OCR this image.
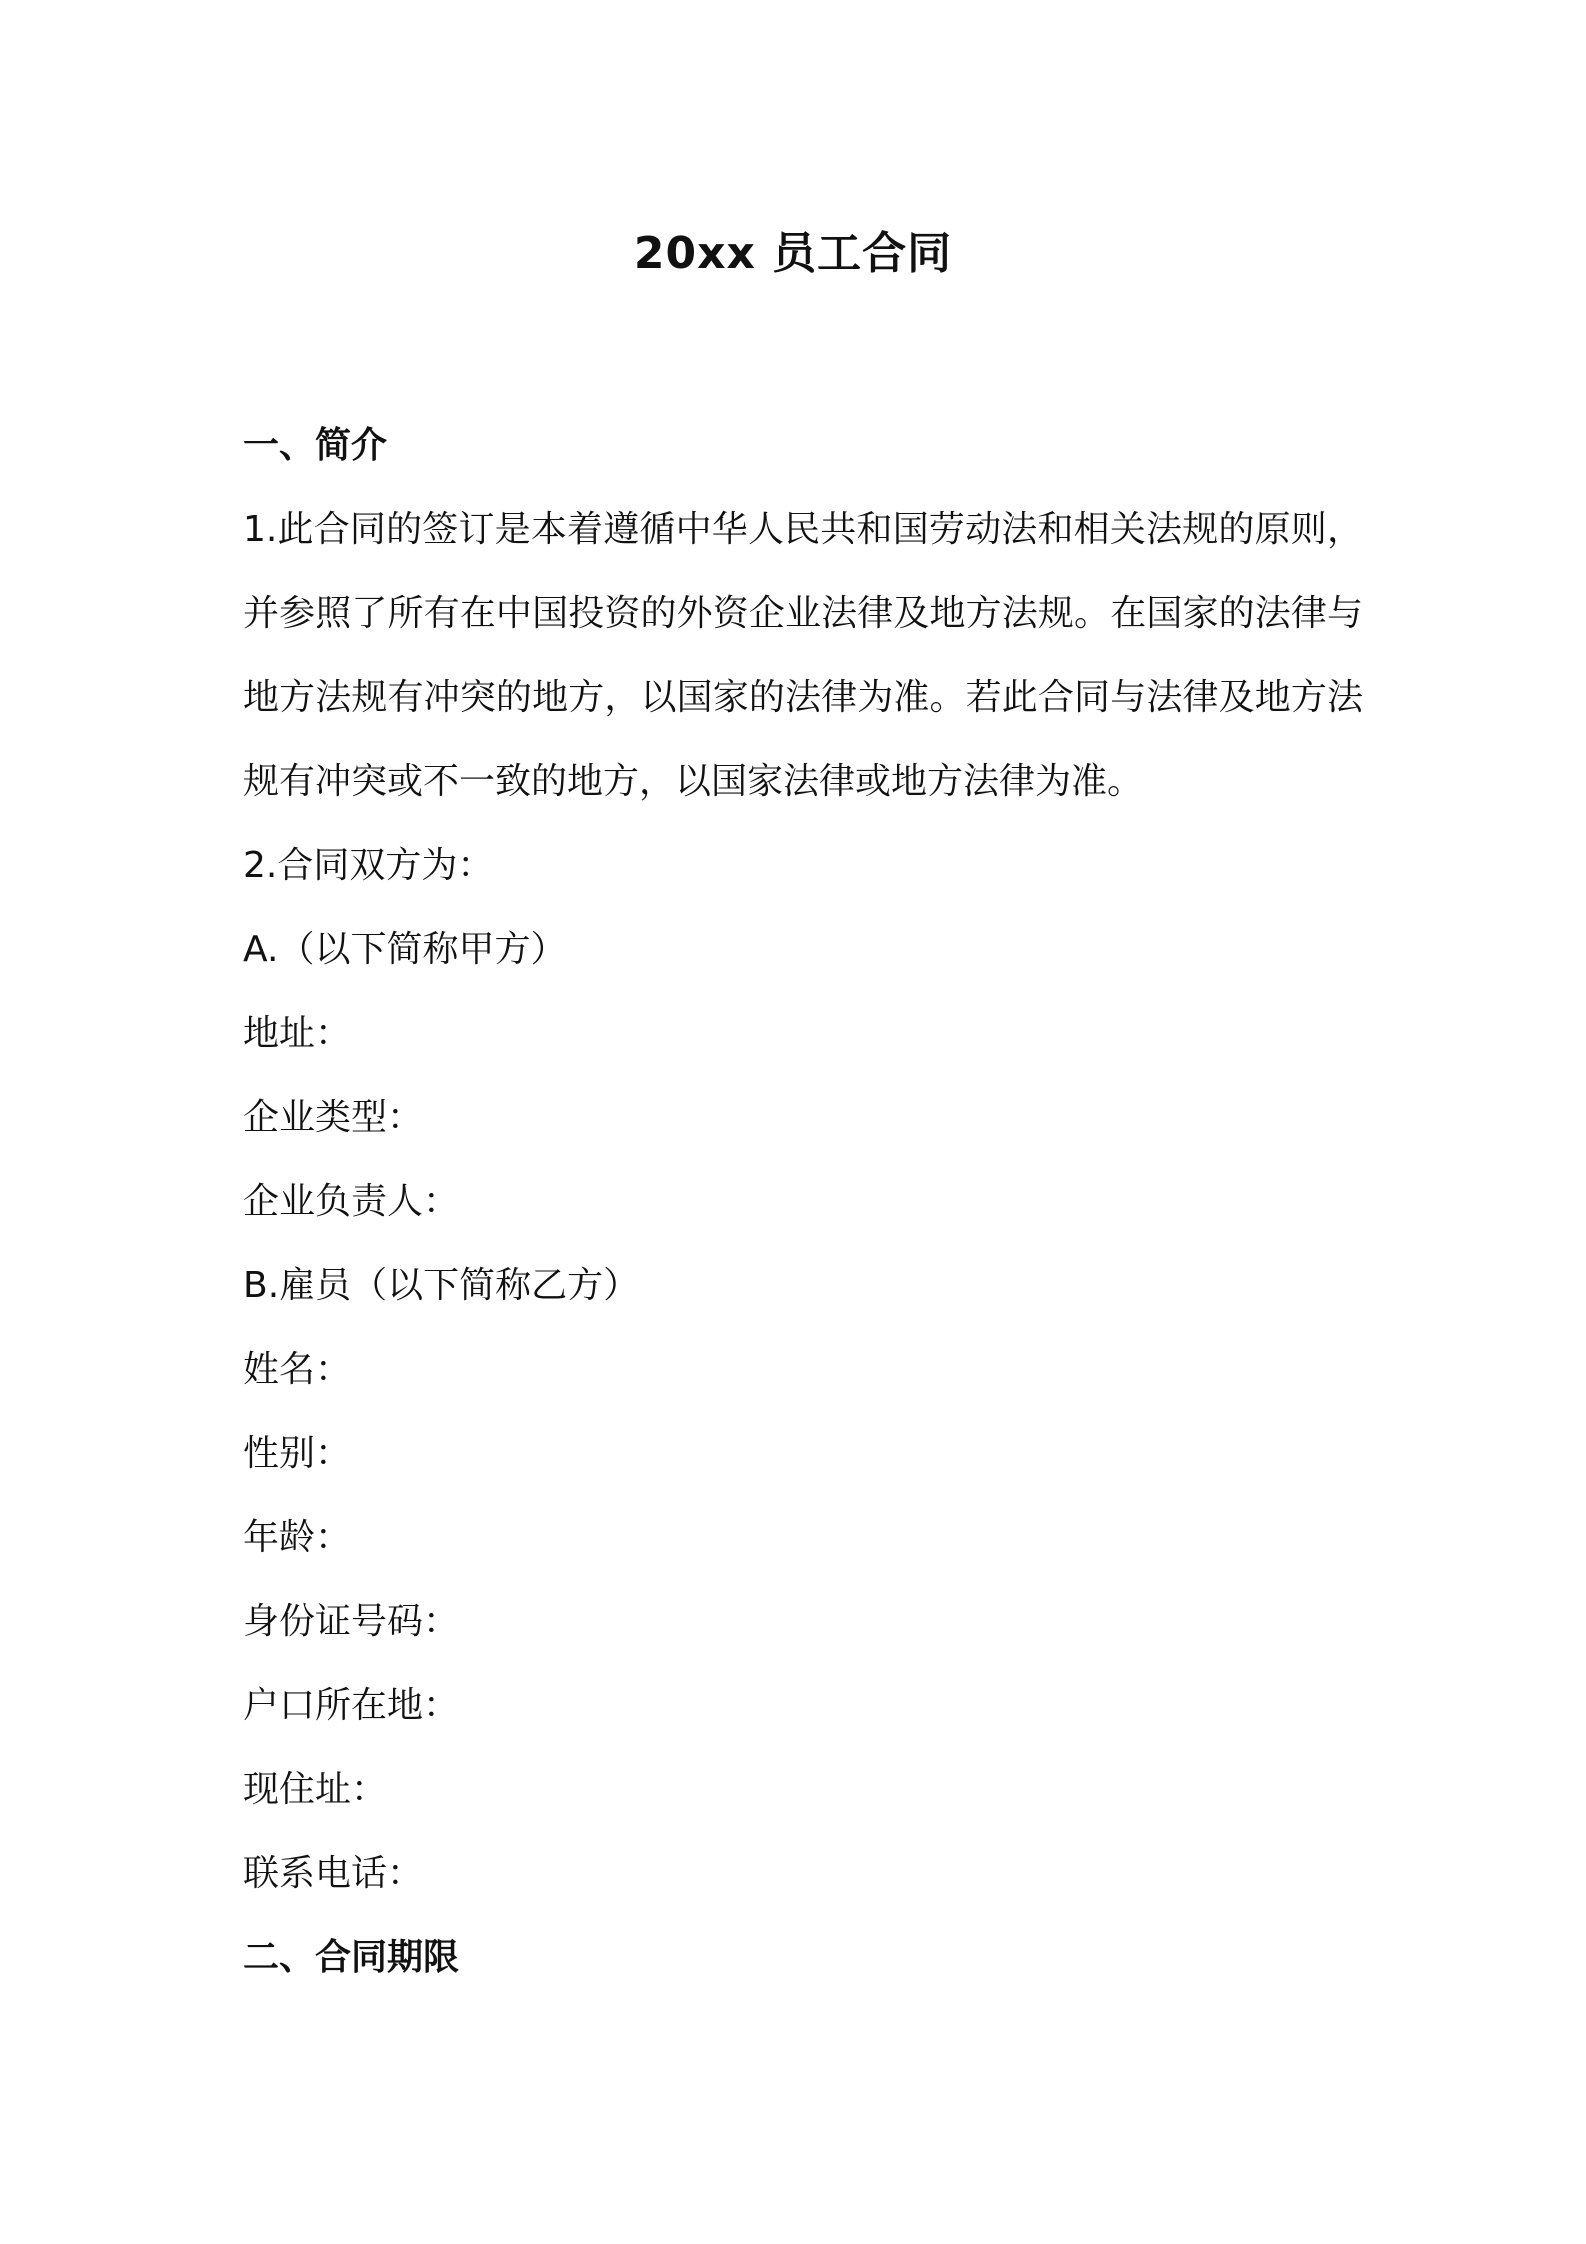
20xx 员工合同

一、简介

1.此合同的签订是本着遵循中华人民共和国劳动法和相关法规的原则，并参照了所有在中国投资的外资企业法律及地方法规。在国家的法律与地方法规有冲突的地方，以国家的法律为准。若此合同与法律及地方法规有冲突或不一致的地方，以国家法律或地方法律为准。

2.合同双方为：

A.（以下简称甲方）

地址：

企业类型：

企业负责人：

B.雇员（以下简称乙方）

姓名：

性别：

年龄：

身份证号码：

户口所在地：

现住址：

联系电话：

二、合同期限
